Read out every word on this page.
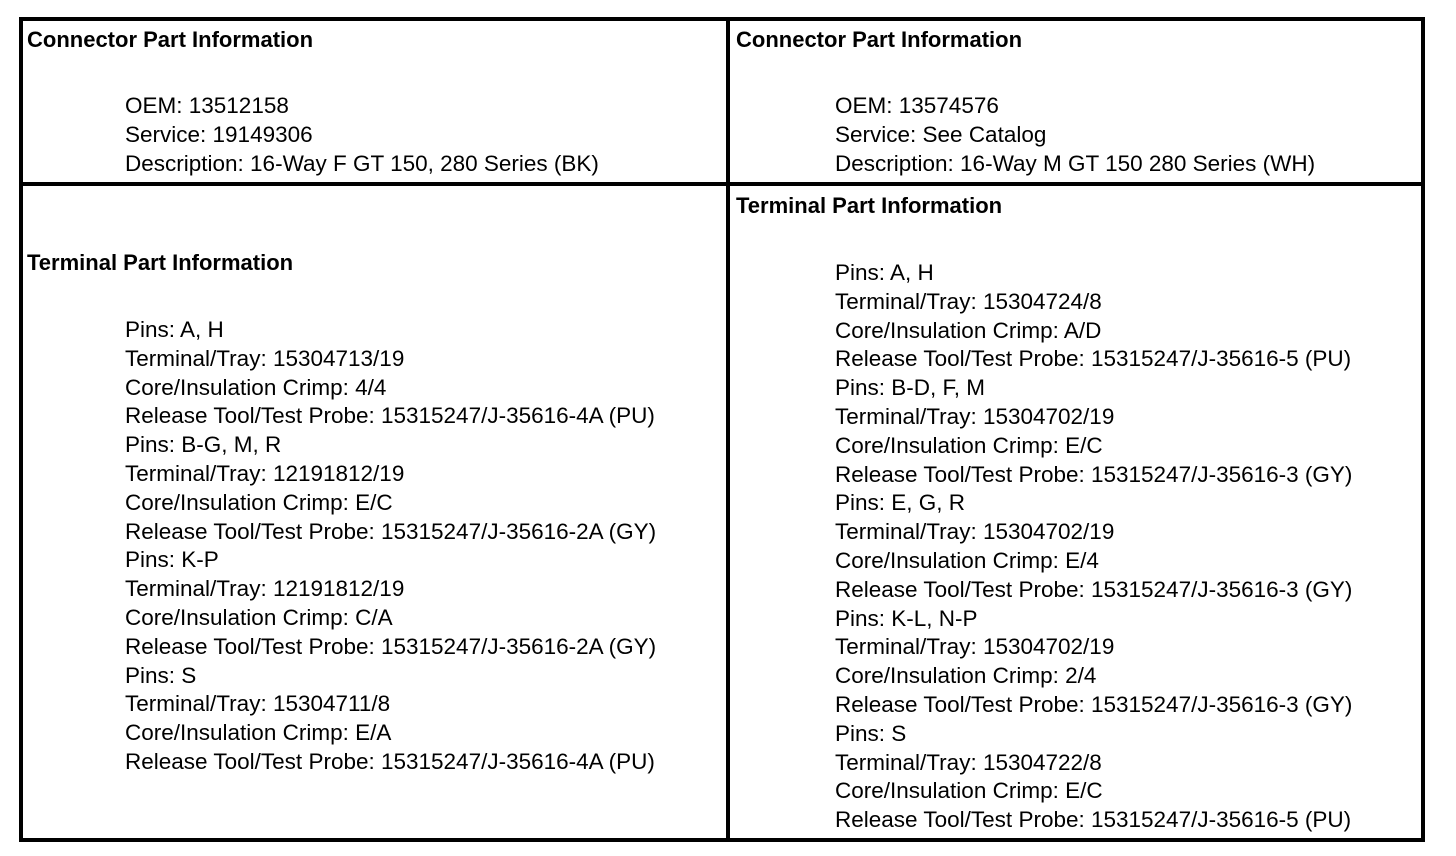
Connector Part Information
OEM: 13512158
Service: 19149306
Description: 16-Way F GT 150, 280 Series (BK)
Connector Part Information
OEM: 13574576
Service: See Catalog
Description: 16-Way M GT 150 280 Series (WH)
Terminal Part Information
Pins: A, H
Terminal/Tray: 15304713/19
Core/Insulation Crimp: 4/4
Release Tool/Test Probe: 15315247/J-35616-4A (PU)
Pins: B-G, M, R
Terminal/Tray: 12191812/19
Core/Insulation Crimp: E/C
Release Tool/Test Probe: 15315247/J-35616-2A (GY)
Pins: K-P
Terminal/Tray: 12191812/19
Core/Insulation Crimp: C/A
Release Tool/Test Probe: 15315247/J-35616-2A (GY)
Pins: S
Terminal/Tray: 15304711/8
Core/Insulation Crimp: E/A
Release Tool/Test Probe: 15315247/J-35616-4A (PU)
Terminal Part Information
Pins: A, H
Terminal/Tray: 15304724/8
Core/Insulation Crimp: A/D
Release Tool/Test Probe: 15315247/J-35616-5 (PU)
Pins: B-D, F, M
Terminal/Tray: 15304702/19
Core/Insulation Crimp: E/C
Release Tool/Test Probe: 15315247/J-35616-3 (GY)
Pins: E, G, R
Terminal/Tray: 15304702/19
Core/Insulation Crimp: E/4
Release Tool/Test Probe: 15315247/J-35616-3 (GY)
Pins: K-L, N-P
Terminal/Tray: 15304702/19
Core/Insulation Crimp: 2/4
Release Tool/Test Probe: 15315247/J-35616-3 (GY)
Pins: S
Terminal/Tray: 15304722/8
Core/Insulation Crimp: E/C
Release Tool/Test Probe: 15315247/J-35616-5 (PU)
